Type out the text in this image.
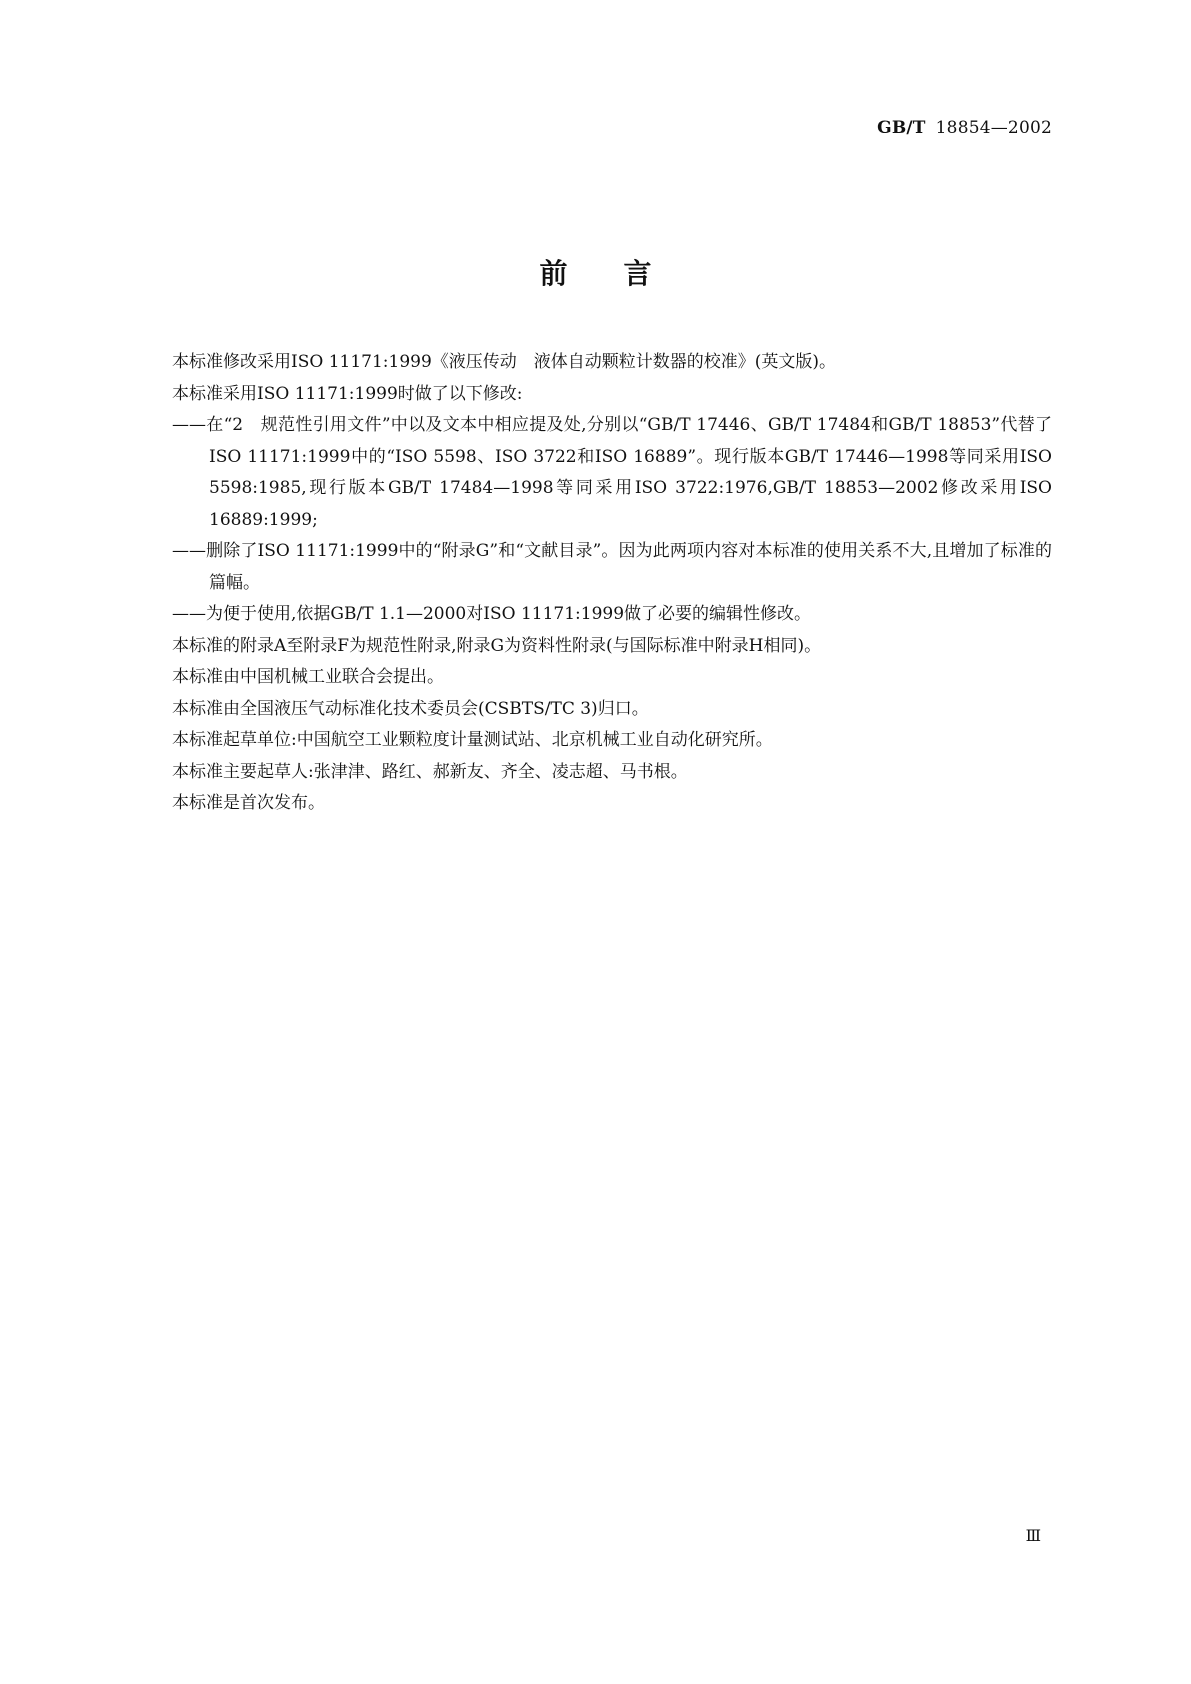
GB/T 18854—2002
前言

本标准修改采用ISO 11171:1999《液压传动　液体自动颗粒计数器的校准》(英文版)。

本标准采用ISO 11171:1999时做了以下修改:

——在“2　规范性引用文件”中以及文本中相应提及处,分别以“GB/T 17446、GB/T 17484和GB/T 18853”代替了ISO 11171:1999中的“ISO 5598、ISO 3722和ISO 16889”。现行版本GB/T 17446—1998等同采用ISO 5598:1985,现行版本GB/T 17484—1998等同采用ISO 3722:1976,GB/T 18853—2002修改采用ISO 16889:1999;

——删除了ISO 11171:1999中的“附录G”和“文献目录”。因为此两项内容对本标准的使用关系不大,且增加了标准的篇幅。

——为便于使用,依据GB/T 1.1—2000对ISO 11171:1999做了必要的编辑性修改。

本标准的附录A至附录F为规范性附录,附录G为资料性附录(与国际标准中附录H相同)。

本标准由中国机械工业联合会提出。

本标准由全国液压气动标准化技术委员会(CSBTS/TC 3)归口。

本标准起草单位:中国航空工业颗粒度计量测试站、北京机械工业自动化研究所。

本标准主要起草人:张津津、路红、郝新友、齐全、凌志超、马书根。

本标准是首次发布。

Ⅲ
